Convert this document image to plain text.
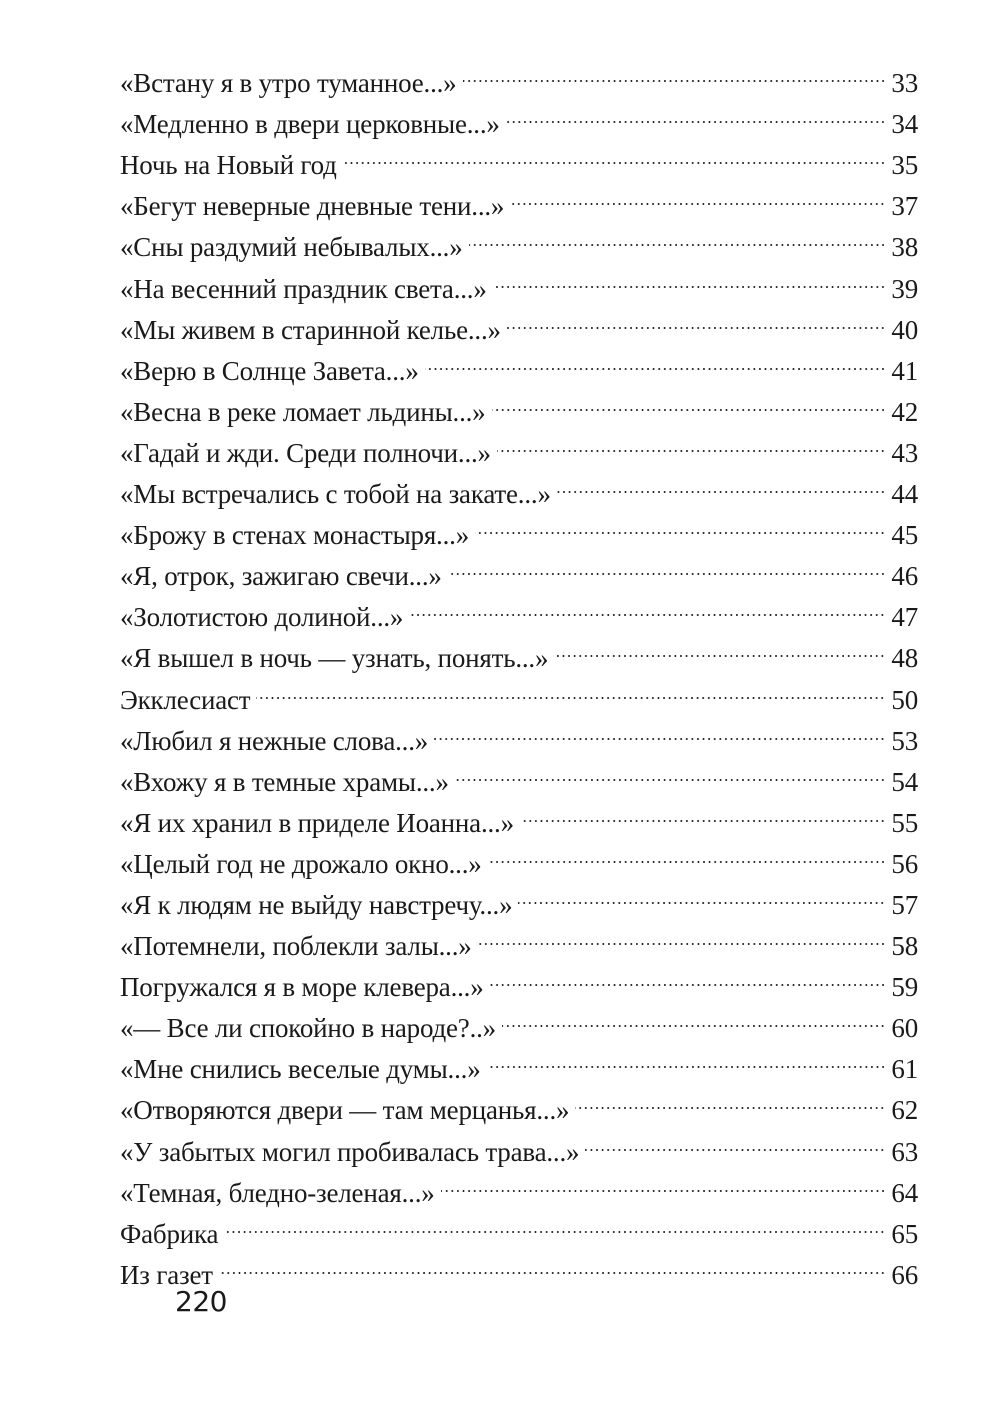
«Встану я в утро туманное...»	33
«Медленно в двери церковные...»	34
Ночь на Новый год	35
«Бегут неверные дневные тени...»	37
«Сны раздумий небывалых...»	38
«На весенний праздник света...»	39
«Мы живем в старинной келье...»	40
«Верю в Солнце Завета...»	41
«Весна в реке ломает льдины...»	42
«Гадай и жди. Среди полночи...»	43
«Мы встречались с тобой на закате...»	44
«Брожу в стенах монастыря...»	45
«Я, отрок, зажигаю свечи...»	46
«Золотистою долиной...»	47
«Я вышел в ночь — узнать, понять...»	48
Экклесиаст	50
«Любил я нежные слова...»	53
«Вхожу я в темные храмы...»	54
«Я их хранил в приделе Иоанна...»	55
«Целый год не дрожало окно...»	56
«Я к людям не выйду навстречу...»	57
«Потемнели, поблекли залы...»	58
Погружался я в море клевера...»	59
«— Все ли спокойно в народе?..»	60
«Мне снились веселые думы...»	61
«Отворяются двери — там мерцанья...»	62
«У забытых могил пробивалась трава...»	63
«Темная, бледно-зеленая...»	64
Фабрика	65
Из газет	66
220
